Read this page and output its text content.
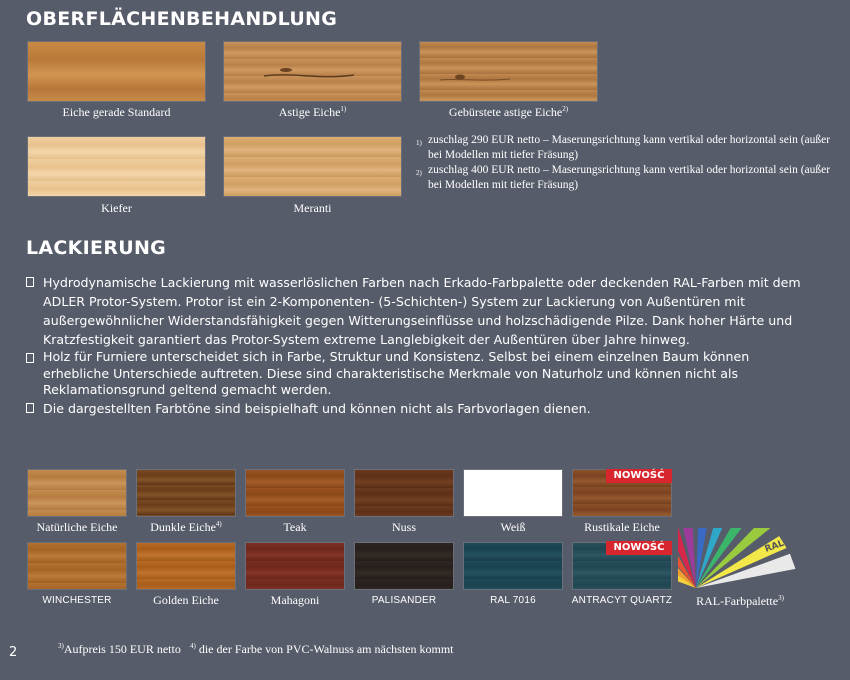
OBERFLÄCHENBEHANDLUNG
Eiche gerade Standard	Astige Eiche$^{1)}$	Gebürstete astige Eiche$^{2)}$
Kiefer	Meranti
1) zuschlag 290 EUR netto – Maserungsrichtung kann vertikal oder horizontal sein (außer bei Modellen mit tiefer Fräsung)
2) zuschlag 400 EUR netto – Maserungsrichtung kann vertikal oder horizontal sein (außer bei Modellen mit tiefer Fräsung)
LACKIERUNG
Hydrodynamische Lackierung mit wasserlöslichen Farben nach Erkado-Farbpalette oder deckenden RAL-Farben mit dem ADLER Protor-System. Protor ist ein 2-Komponenten- (5-Schichten-) System zur Lackierung von Außentüren mit außergewöhnlicher Widerstandsfähigkeit gegen Witterungseinflüsse und holzschädigende Pilze. Dank hoher Härte und Kratzfestigkeit garantiert das Protor-System extreme Langlebigkeit der Außentüren über Jahre hinweg.
Holz für Furniere unterscheidet sich in Farbe, Struktur und Konsistenz. Selbst bei einem einzelnen Baum können erhebliche Unterschiede auftreten. Diese sind charakteristische Merkmale von Naturholz und können nicht als Reklamationsgrund geltend gemacht werden.
Die dargestellten Farbtöne sind beispielhaft und können nicht als Farbvorlagen dienen.
Natürliche Eiche	Dunkle Eiche$^{4)}$	Teak	Nuss	Weiß
NOWOŚĆ
Rustikale Eiche
WINCHESTER	Golden Eiche	Mahagoni	PALISANDER	RAL 7016
NOWOŚĆ
ANTRACYT QUARTZ
RAL
RAL-Farbpalette$^{3)}$
2	$^{3)}$Aufpreis 150 EUR netto $^{4)}$ die der Farbe von PVC-Walnuss am nächsten kommt
